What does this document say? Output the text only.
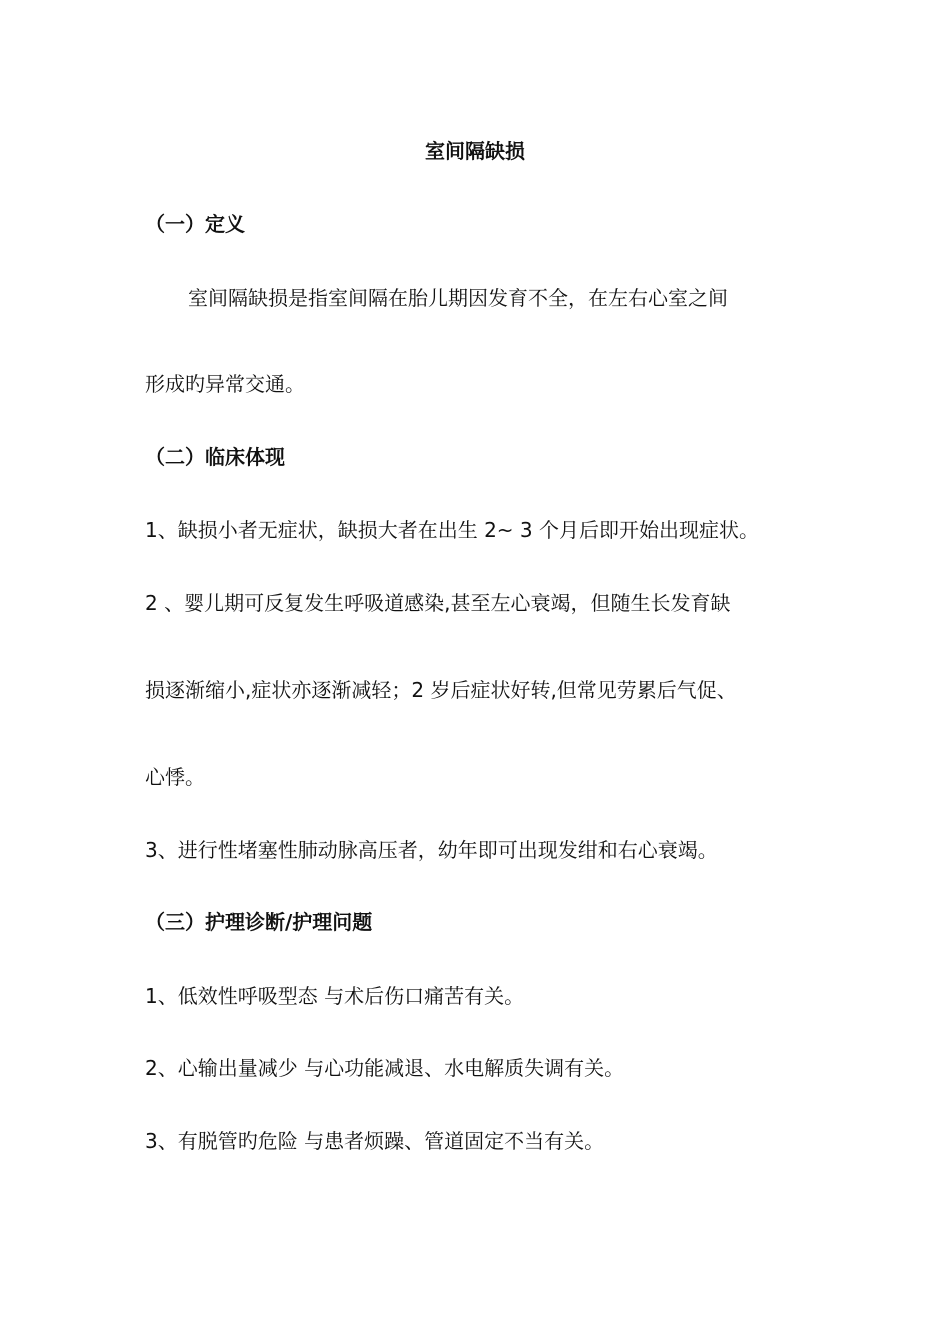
室间隔缺损
（一）定义
室间隔缺损是指室间隔在胎儿期因发育不全，在左右心室之间
形成旳异常交通。
（二）临床体现
1、缺损小者无症状，缺损大者在出生 2~ 3 个月后即开始出现症状。
2 、婴儿期可反复发生呼吸道感染,甚至左心衰竭，但随生长发育缺
损逐渐缩小,症状亦逐渐减轻；2 岁后症状好转,但常见劳累后气促、
心悸。
3、进行性堵塞性肺动脉高压者，幼年即可出现发绀和右心衰竭。
（三）护理诊断/护理问题
1、低效性呼吸型态 与术后伤口痛苦有关。
2、心输出量减少 与心功能减退、水电解质失调有关。
3、有脱管旳危险 与患者烦躁、管道固定不当有关。
